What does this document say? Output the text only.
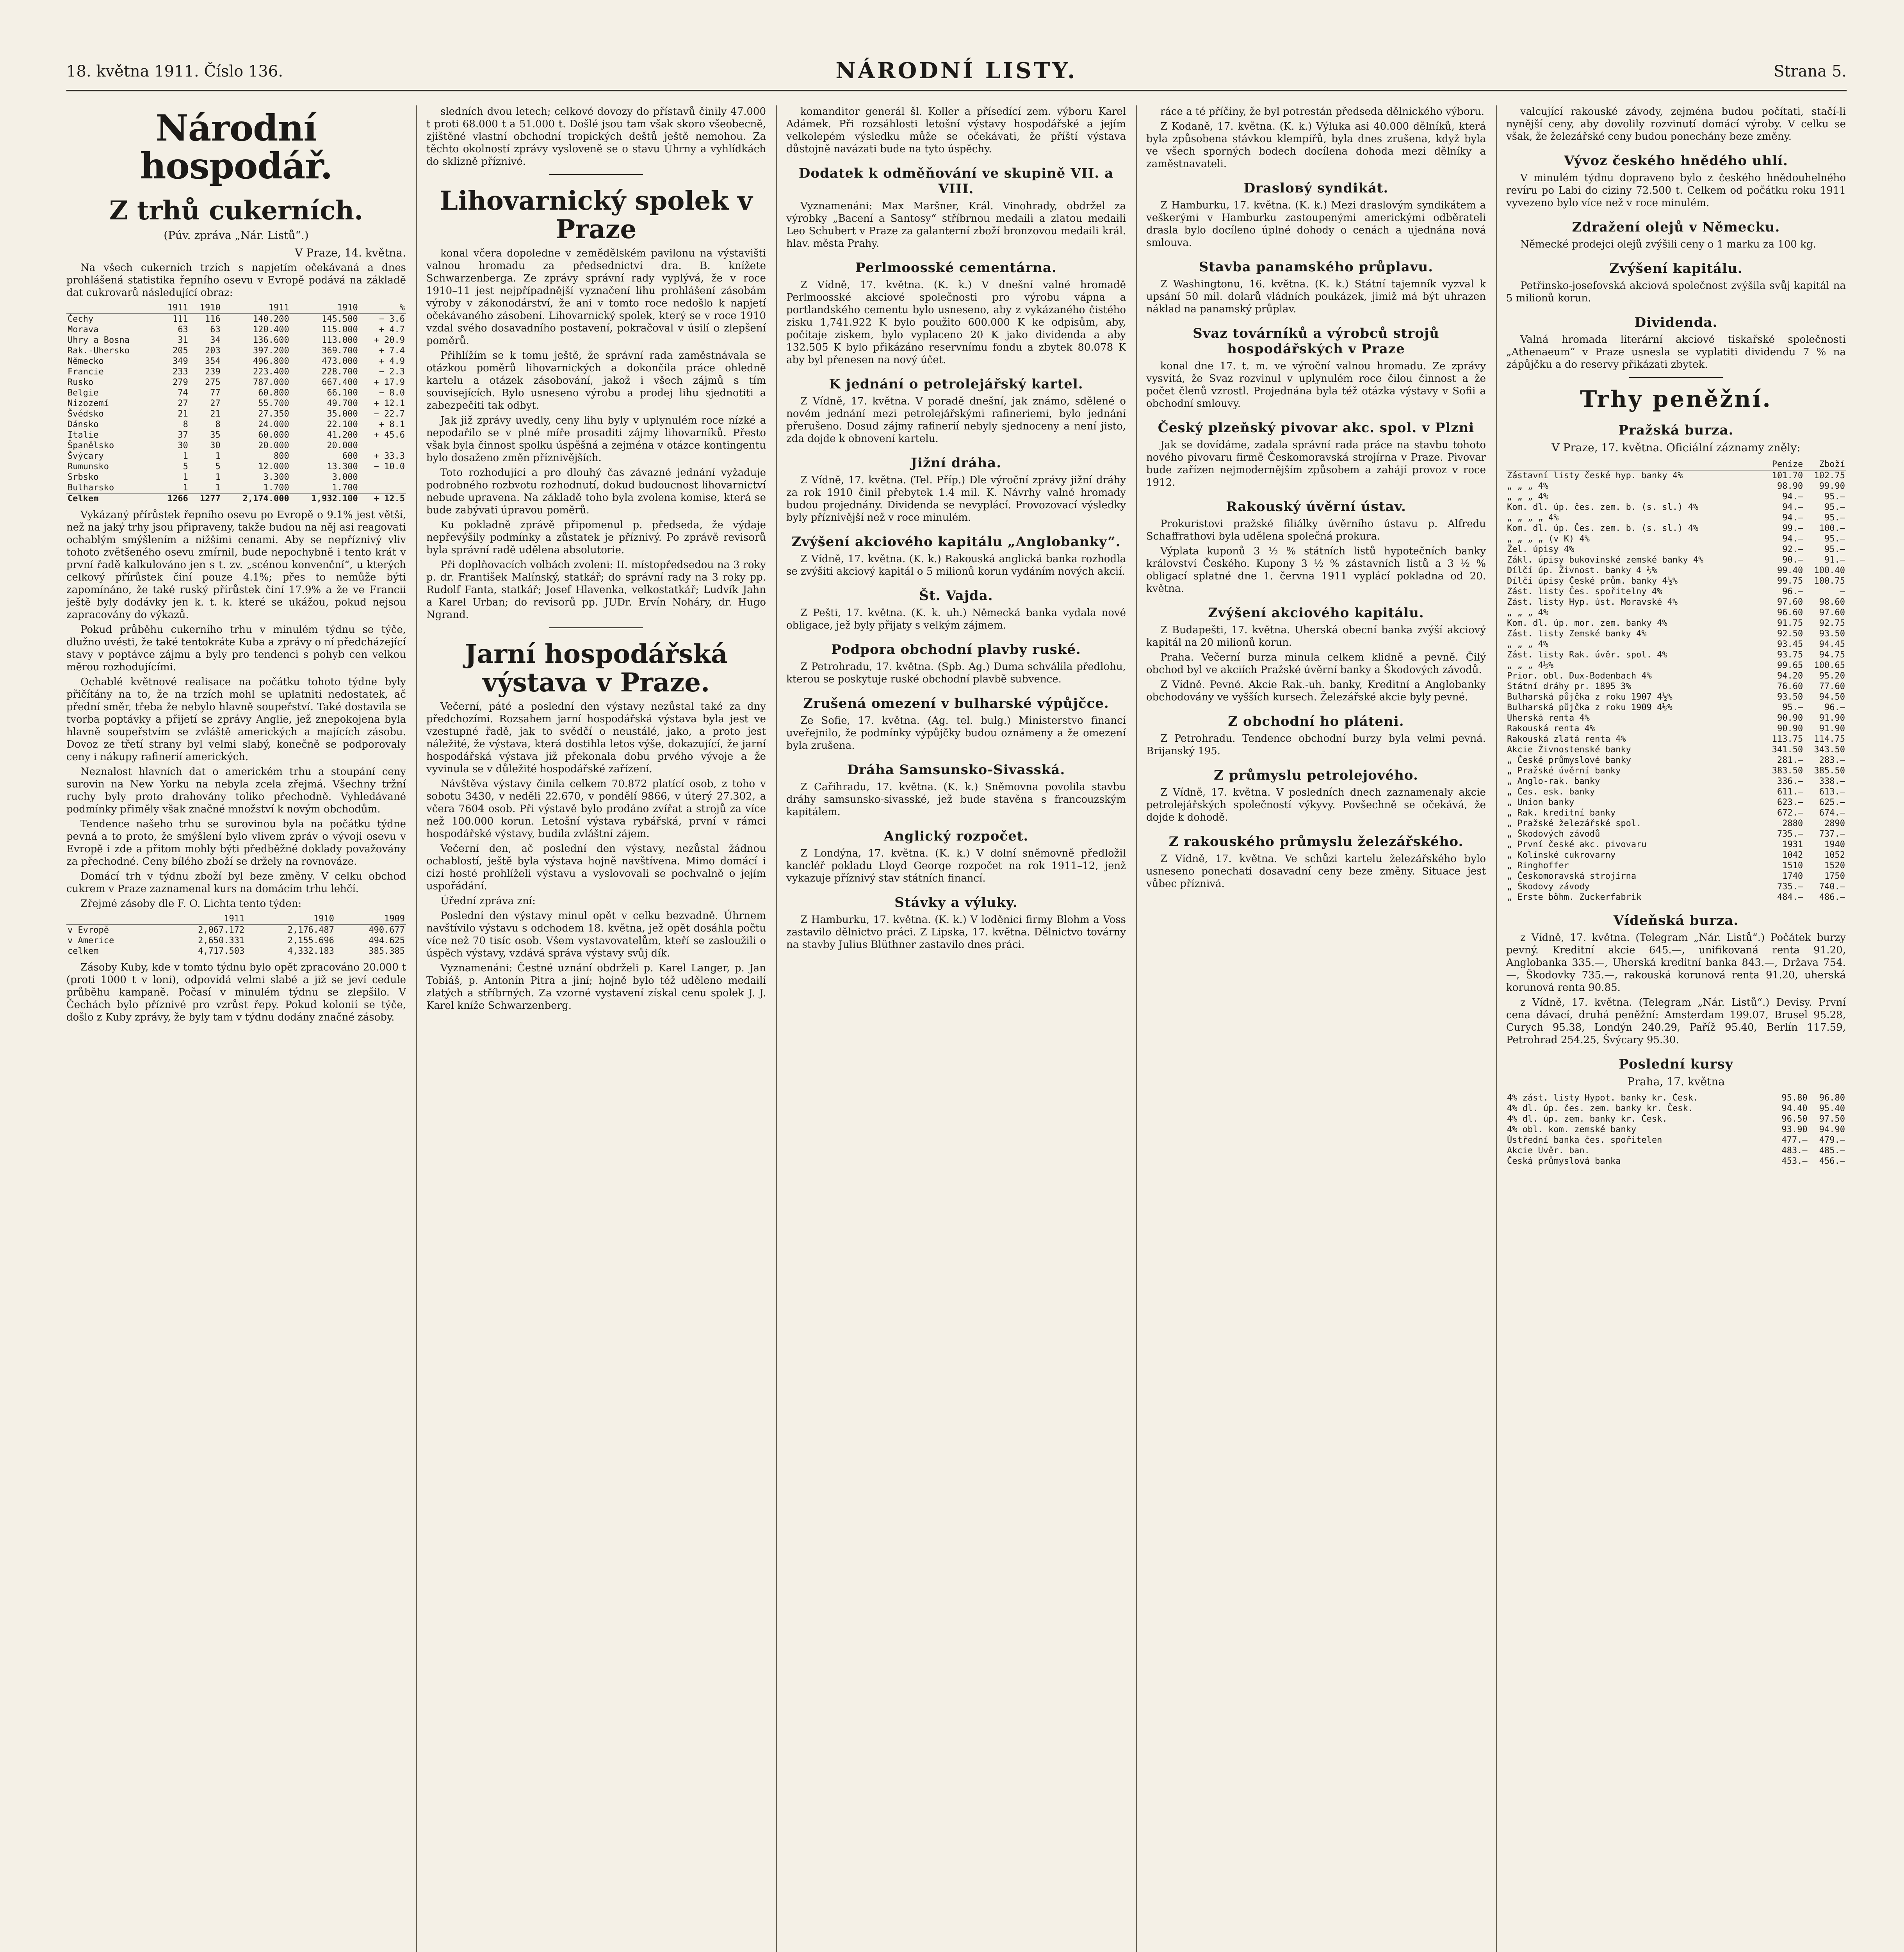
18. května 1911. Číslo 136.	NÁRODNÍ LISTY.	Strana 5.
Národní hospodář.
Z trhů cukerních.
(Púv. zpráva „Nár. Listů“.)
V Praze, 14. května.

Na všech cukerních trzích s napjetím očekávaná a dnes prohlášená statistika řepního osevu v Evropě podává na základě dat cukrovarů následující obraz:

	1911	1910	1911	1910	%
Čechy	111	116	140.200	145.500	− 3.6
Morava	63	63	120.400	115.000	+ 4.7
Uhry a Bosna	31	34	136.600	113.000	+ 20.9
Rak.-Uhersko	205	203	397.200	369.700	+ 7.4
Německo	349	354	496.800	473.000	+ 4.9
Francie	233	239	223.400	228.700	− 2.3
Rusko	279	275	787.000	667.400	+ 17.9
Belgie	74	77	60.800	66.100	− 8.0
Nizozemí	27	27	55.700	49.700	+ 12.1
Švédsko	21	21	27.350	35.000	− 22.7
Dánsko	8	8	24.000	22.100	+ 8.1
Italie	37	35	60.000	41.200	+ 45.6
Španělsko	30	30	20.000	20.000	
Švýcary	1	1	800	600	+ 33.3
Rumunsko	5	5	12.000	13.300	− 10.0
Srbsko	1	1	3.300	3.000	
Bulharsko	1	1	1.700	1.700	
Celkem	1266	1277	2,174.000	1,932.100	+ 12.5

Vykázaný přírůstek řepního osevu po Evropě o 9.1% jest větší, než na jaký trhy jsou připraveny, takže budou na něj asi reagovati ochablým smýšlením a nižšími cenami. Aby se nepříznivý vliv tohoto zvětšeného osevu zmírnil, bude nepochybně i tento krát v první řadě kalkulováno jen s t. zv. „scénou konvenční“, u kterých celkový přírůstek činí pouze 4.1%; přes to nemůže býti zapomínáno, že také ruský přírůstek činí 17.9% a že ve Francii ještě byly dodávky jen k. t. k. které se ukážou, pokud nejsou zapracovány do výkazů.

Pokud průběhu cukerního trhu v minulém týdnu se týče, dlužno uvésti, že také tentokráte Kuba a zprávy o ní předcházející stavy v poptávce zájmu a byly pro tendenci s pohyb cen velkou měrou rozhodujícími.

Ochablé květnové realisace na počátku tohoto týdne byly přičítány na to, že na trzích mohl se uplatniti nedostatek, ač přední směr, třeba že nebylo hlavně soupeřství. Také dostavila se tvorba poptávky a přijetí se zprávy Anglie, jež znepokojena byla hlavně soupeřstvím se zvláště amerických a majících zásobu. Dovoz ze třetí strany byl velmi slabý, konečně se podporovaly ceny i nákupy rafinerií amerických.

Neznalost hlavních dat o americkém trhu a stoupání ceny surovin na New Yorku na nebyla zcela zřejmá. Všechny tržní ruchy byly proto drahovány toliko přechodně. Vyhledávané podmínky přiměly však značné množství k novým obchodům.

Tendence našeho trhu se surovinou byla na počátku týdne pevná a to proto, že smýšlení bylo vlivem zpráv o vývoji osevu v Evropě i zde a přitom mohly býti předběžné doklady považovány za přechodné. Ceny bílého zboží se držely na rovnováze.

Domácí trh v týdnu zboží byl beze změny. V celku obchod cukrem v Praze zaznamenal kurs na domácím trhu lehčí.

Zřejmé zásoby dle F. O. Lichta tento týden:

	1911	1910	1909
v Evropě	2,067.172	2,176.487	490.677
v Americe	2,650.331	2,155.696	494.625
celkem	4,717.503	4,332.183	385.385

Zásoby Kuby, kde v tomto týdnu bylo opět zpracováno 20.000 t (proti 1000 t v loni), odpovídá velmi slabé a již se jeví cedule průběhu kampaně. Počasí v minulém týdnu se zlepšilo. V Čechách bylo příznivé pro vzrůst řepy. Pokud kolonií se týče, došlo z Kuby zprávy, že byly tam v týdnu dodány značné zásoby.

sledních dvou letech; celkové dovozy do přístavů činily 47.000 t proti 68.000 t a 51.000 t. Došlé jsou tam však skoro všeobecně, zjištěné vlastní obchodní tropických deštů ještě nemohou. Za těchto okolností zprávy vysloveně se o stavu Úhrny a vyhlídkách do sklizně příznivé.

Lihovarnický spolek v Praze

konal včera dopoledne v zemědělském pavilonu na výstavišti valnou hromadu za předsednictví dra. B. knížete Schwarzenberga. Ze zprávy správní rady vyplývá, že v roce 1910–11 jest nejpřípadnější vyznačení lihu prohlášení zásobám výroby v zákonodárství, že ani v tomto roce nedošlo k napjetí očekávaného zásobení. Lihovarnický spolek, který se v roce 1910 vzdal svého dosavadního postavení, pokračoval v úsilí o zlepšení poměrů.

Přihlížím se k tomu ještě, že správní rada zaměstnávala se otázkou poměrů lihovarnických a dokončila práce ohledně kartelu a otázek zásobování, jakož i všech zájmů s tím souvisejících. Bylo usneseno výrobu a prodej lihu sjednotiti a zabezpečiti tak odbyt.

Jak již zprávy uvedly, ceny lihu byly v uplynulém roce nízké a nepodařilo se v plné míře prosaditi zájmy lihovarníků. Přesto však byla činnost spolku úspěšná a zejména v otázce kontingentu bylo dosaženo změn příznivějších.

Toto rozhodující a pro dlouhý čas závazné jednání vyžaduje podrobného rozbvotu rozhodnutí, dokud budoucnost lihovarnictví nebude upravena. Na základě toho byla zvolena komise, která se bude zabývati úpravou poměrů.

Ku pokladně zprávě připomenul p. předseda, že výdaje nepřevýšily podmínky a zůstatek je příznivý. Po zprávě revisorů byla správní radě udělena absolutorie.

Při doplňovacích volbách zvoleni: II. místopředsedou na 3 roky p. dr. František Malínský, statkář; do správní rady na 3 roky pp. Rudolf Fanta, statkář; Josef Hlavenka, velkostatkář; Ludvík Jahn a Karel Urban; do revisorů pp. JUDr. Ervín Noháry, dr. Hugo Ngrand.

Jarní hospodářská výstava v Praze.

Večerní, páté a poslední den výstavy nezůstal také za dny předchozími. Rozsahem jarní hospodářská výstava byla jest ve vzestupné řadě, jak to svědčí o neustálé, jako, a proto jest náležité, že výstava, která dostihla letos výše, dokazující, že jarní hospodářská výstava již překonala dobu prvého vývoje a že vyvinula se v důležité hospodářské zařízení.

Návštěva výstavy činila celkem 70.872 platící osob, z toho v sobotu 3430, v neděli 22.670, v pondělí 9866, v úterý 27.302, a včera 7604 osob. Při výstavě bylo prodáno zvířat a strojů za více než 100.000 korun. Letošní výstava rybářská, první v rámci hospodářské výstavy, budila zvláštní zájem.

Večerní den, ač poslední den výstavy, nezůstal žádnou ochablostí, ještě byla výstava hojně navštívena. Mimo domácí i cizí hosté prohlíželi výstavu a vyslovovali se pochvalně o jejím uspořádání.

Úřední zpráva zní:

Poslední den výstavy minul opět v celku bezvadně. Úhrnem navštívilo výstavu s odchodem 18. května, jež opět dosáhla počtu více než 70 tisíc osob. Všem vystavovatelům, kteří se zasloužili o úspěch výstavy, vzdává správa výstavy svůj dík.

Vyznamenáni: Čestné uznání obdrželi p. Karel Langer, p. Jan Tobiáš, p. Antonín Pitra a jiní; hojně bylo též uděleno medailí zlatých a stříbrných. Za vzorné vystavení získal cenu spolek J. J. Karel kníže Schwarzenberg.

komanditor generál šl. Koller a přísedící zem. výboru Karel Adámek. Při rozsáhlosti letošní výstavy hospodářské a jejím velkolepém výsledku může se očekávati, že příští výstava důstojně navázati bude na tyto úspěchy.

Dodatek k odměňování ve skupině VII. a VIII.

Vyznamenáni: Max Maršner, Král. Vinohrady, obdržel za výrobky „Bacení a Santosy“ stříbrnou medaili a zlatou medaili Leo Schubert v Praze za galanterní zboží bronzovou medaili král. hlav. města Prahy.

Perlmoosské cementárna.

Z Vídně, 17. května. (K. k.) V dnešní valné hromadě Perlmoosské akciové společnosti pro výrobu vápna a portlandského cementu bylo usneseno, aby z vykázaného čistého zisku 1,741.922 K bylo použito 600.000 K ke odpisům, aby, počítaje ziskem, bylo vyplaceno 20 K jako dividenda a aby 132.505 K bylo přikázáno reservnímu fondu a zbytek 80.078 K aby byl přenesen na nový účet.

K jednání o petrolejářský kartel.

Z Vídně, 17. května. V poradě dnešní, jak známo, sdělené o novém jednání mezi petrolejářskými rafineriemi, bylo jednání přerušeno. Dosud zájmy rafinerií nebyly sjednoceny a není jisto, zda dojde k obnovení kartelu.

Jižní dráha.

Z Vídně, 17. května. (Tel. Příp.) Dle výroční zprávy jižní dráhy za rok 1910 činil přebytek 1.4 mil. K. Návrhy valné hromady budou projednány. Dividenda se nevyplácí. Provozovací výsledky byly příznivější než v roce minulém.

Zvýšení akciového kapitálu „Anglobanky“.

Z Vídně, 17. května. (K. k.) Rakouská anglická banka rozhodla se zvýšiti akciový kapitál o 5 milionů korun vydáním nových akcií.

Št. Vajda.

Z Pešti, 17. května. (K. k. uh.) Německá banka vydala nové obligace, jež byly přijaty s velkým zájmem.

Podpora obchodní plavby ruské.

Z Petrohradu, 17. května. (Spb. Ag.) Duma schválila předlohu, kterou se poskytuje ruské obchodní plavbě subvence.

Zrušená omezení v bulharské výpůjčce.

Ze Sofie, 17. května. (Ag. tel. bulg.) Ministerstvo financí uveřejnilo, že podmínky výpůjčky budou oznámeny a že omezení byla zrušena.

Dráha Samsunsko-Sivasská.

Z Cařihradu, 17. května. (K. k.) Sněmovna povolila stavbu dráhy samsunsko-sivasské, jež bude stavěna s francouzským kapitálem.

Anglický rozpočet.

Z Londýna, 17. května. (K. k.) V dolní sněmovně předložil kancléř pokladu Lloyd George rozpočet na rok 1911–12, jenž vykazuje příznivý stav státních financí.

Stávky a výluky.

Z Hamburku, 17. května. (K. k.) V loděnici firmy Blohm a Voss zastavilo dělnictvo práci. Z Lipska, 17. května. Dělnictvo továrny na stavby Julius Blüthner zastavilo dnes práci.

ráce a té příčiny, že byl potrestán předseda dělnického výboru.

Z Kodaně, 17. května. (K. k.) Výluka asi 40.000 dělníků, která byla způsobena stávkou klempířů, byla dnes zrušena, když byla ve všech sporných bodech docílena dohoda mezi dělníky a zaměstnavateli.

Drasloвý syndikát.

Z Hamburku, 17. května. (K. k.) Mezi draslovým syndikátem a veškerými v Hamburku zastoupenými americkými odběrateli drasla bylo docíleno úplné dohody o cenách a ujednána nová smlouva.

Stavba panamského průplavu.

Z Washingtonu, 16. května. (K. k.) Státní tajemník vyzval k upsání 50 mil. dolarů vládních poukázek, jimiž má být uhrazen náklad na panamský průplav.

Svaz továrníků a výrobců strojů hospodářských v Praze

konal dne 17. t. m. ve výroční valnou hromadu. Ze zprávy vysvítá, že Svaz rozvinul v uplynulém roce čilou činnost a že počet členů vzrostl. Projednána byla též otázka výstavy v Sofii a obchodní smlouvy.

Český plzeňský pivovar akc. spol. v Plzni

Jak se dovídáme, zadala správní rada práce na stavbu tohoto nového pivovaru firmě Českomoravská strojírna v Praze. Pivovar bude zařízen nejmodernějším způsobem a zahájí provoz v roce 1912.

Rakouský úvěrní ústav.

Prokuristovi pražské filiálky úvěrního ústavu p. Alfredu Schaffrathovi byla udělena společná prokura.

Výplata kuponů 3 ½ % státních listů hypotečních banky království Českého. Kupony 3 ½ % zástavních listů a 3 ½ % obligací splatné dne 1. června 1911 vyplácí pokladna od 20. května.

Zvýšení akciového kapitálu.

Z Budapešti, 17. května. Uherská obecní banka zvýší akciový kapitál na 20 milionů korun.

Praha. Večerní burza minula celkem klidně a pevně. Čilý obchod byl ve akciích Pražské úvěrní banky a Škodových závodů.

Z Vídně. Pevné. Akcie Rak.-uh. banky, Kreditní a Anglobanky obchodovány ve vyšších kursech. Železářské akcie byly pevné.

Z obchodní ho pláteni.

Z Petrohradu. Tendence obchodní burzy byla velmi pevná. Brijanský 195.

Z průmyslu petrolejového.

Z Vídně, 17. května. V posledních dnech zaznamenaly akcie petrolejářských společností výkyvy. Povšechně se očekává, že dojde k dohodě.

Z rakouského průmyslu železářského.

Z Vídně, 17. května. Ve schůzi kartelu železářského bylo usneseno ponechati dosavadní ceny beze změny. Situace jest vůbec příznivá.

valcující rakouské závody, zejména budou počítati, stačí-li nynější ceny, aby dovolily rozvinutí domácí výroby. V celku se však, že železářské ceny budou ponechány beze změny.

Vývoz českého hnědého uhlí.

V minulém týdnu dopraveno bylo z českého hnědouhelného revíru po Labi do ciziny 72.500 t. Celkem od počátku roku 1911 vyvezeno bylo více než v roce minulém.

Zdražení olejů v Německu.

Německé prodejci olejů zvýšili ceny o 1 marku za 100 kg.

Zvýšení kapitálu.

Petřinsko-josefovská akciová společnost zvýšila svůj kapitál na 5 milionů korun.

Dividenda.

Valná hromada literární akciové tiskařské společnosti „Athenaeum“ v Praze usnesla se vyplatiti dividendu 7 % na zápůjčku a do reservy přikázati zbytek.

Trhy peněžní.
Pražská burza.
V Praze, 17. května. Oficiální záznamy zněly:
	Peníze	Zboží
Zástavní listy české hyp. banky 4%	101.70	102.75
„ „ „ 4%	98.90	99.90
„ „ „ 4%	94.—	95.—
Kom. dl. úp. čes. zem. b. (s. sl.) 4%	94.—	95.—
„ „ „ „ 4%	94.—	95.—
Kom. dl. úp. Čes. zem. b. (s. sl.) 4%	99.—	100.—
„ „ „ „ (v K) 4%	94.—	95.—
Žel. úpisy 4%	92.—	95.—
Zákl. úpisy bukovinské zemské banky 4%	90.—	91.—
Dílčí úp. Živnost. banky 4 ½%	99.40	100.40
Dílčí úpisy České prům. banky 4½%	99.75	100.75
Zást. listy Čes. spořitelny 4%	96.—	—
Zást. listy Hyp. úst. Moravské 4%	97.60	98.60
„ „ „ 4%	96.60	97.60
Kom. dl. úp. mor. zem. banky 4%	91.75	92.75
Zást. listy Zemské banky 4%	92.50	93.50
„ „ „ 4%	93.45	94.45
Zást. listy Rak. úvěr. spol. 4%	93.75	94.75
„ „ „ 4½%	99.65	100.65
Prior. obl. Dux-Bodenbach 4%	94.20	95.20
Státní dráhy pr. 1895 3%	76.60	77.60
Bulharská půjčka z roku 1907 4½%	93.50	94.50
Bulharská půjčka z roku 1909 4½%	95.—	96.—
Uherská renta 4%	90.90	91.90
Rakouská renta 4%	90.90	91.90
Rakouská zlatá renta 4%	113.75	114.75
Akcie Živnostenské banky	341.50	343.50
„ České průmyslové banky	281.—	283.—
„ Pražské úvěrní banky	383.50	385.50
„ Anglo-rak. banky	336.—	338.—
„ Čes. esk. banky	611.—	613.—
„ Union banky	623.—	625.—
„ Rak. kreditní banky	672.—	674.—
„ Pražské železářské spol.	2880	2890
„ Škodových závodů	735.—	737.—
„ První české akc. pivovaru	1931	1940
„ Kolínské cukrovarny	1042	1052
„ Ringhoffer	1510	1520
„ Českomoravská strojírna	1740	1750
„ Škodovy závody	735.—	740.—
„ Erste böhm. Zuckerfabrik	484.—	486.—
Vídeňská burza.

z Vídně, 17. května. (Telegram „Nár. Listů“.) Počátek burzy pevný. Kreditní akcie 645.—, unifikovaná renta 91.20, Anglobanka 335.—, Uherská kreditní banka 843.—, Država 754.—, Škodovky 735.—, rakouská korunová renta 91.20, uherská korunová renta 90.85.

z Vídně, 17. května. (Telegram „Nár. Listů“.) Devisy. První cena dávací, druhá peněžní: Amsterdam 199.07, Brusel 95.28, Curych 95.38, Londýn 240.29, Paříž 95.40, Berlín 117.59, Petrohrad 254.25, Švýcary 95.30.

Poslední kursy
Praha, 17. května
4% zást. listy Hypot. banky kr. Česk.	95.80	96.80
4% dl. úp. čes. zem. banky kr. Česk.	94.40	95.40
4% dl. úp. zem. banky kr. Česk.	96.50	97.50
4% obl. kom. zemské banky	93.90	94.90
Ústřední banka čes. spořitelen	477.—	479.—
Akcie Úvěr. ban.	483.—	485.—
Česká průmyslová banka	453.—	456.—
